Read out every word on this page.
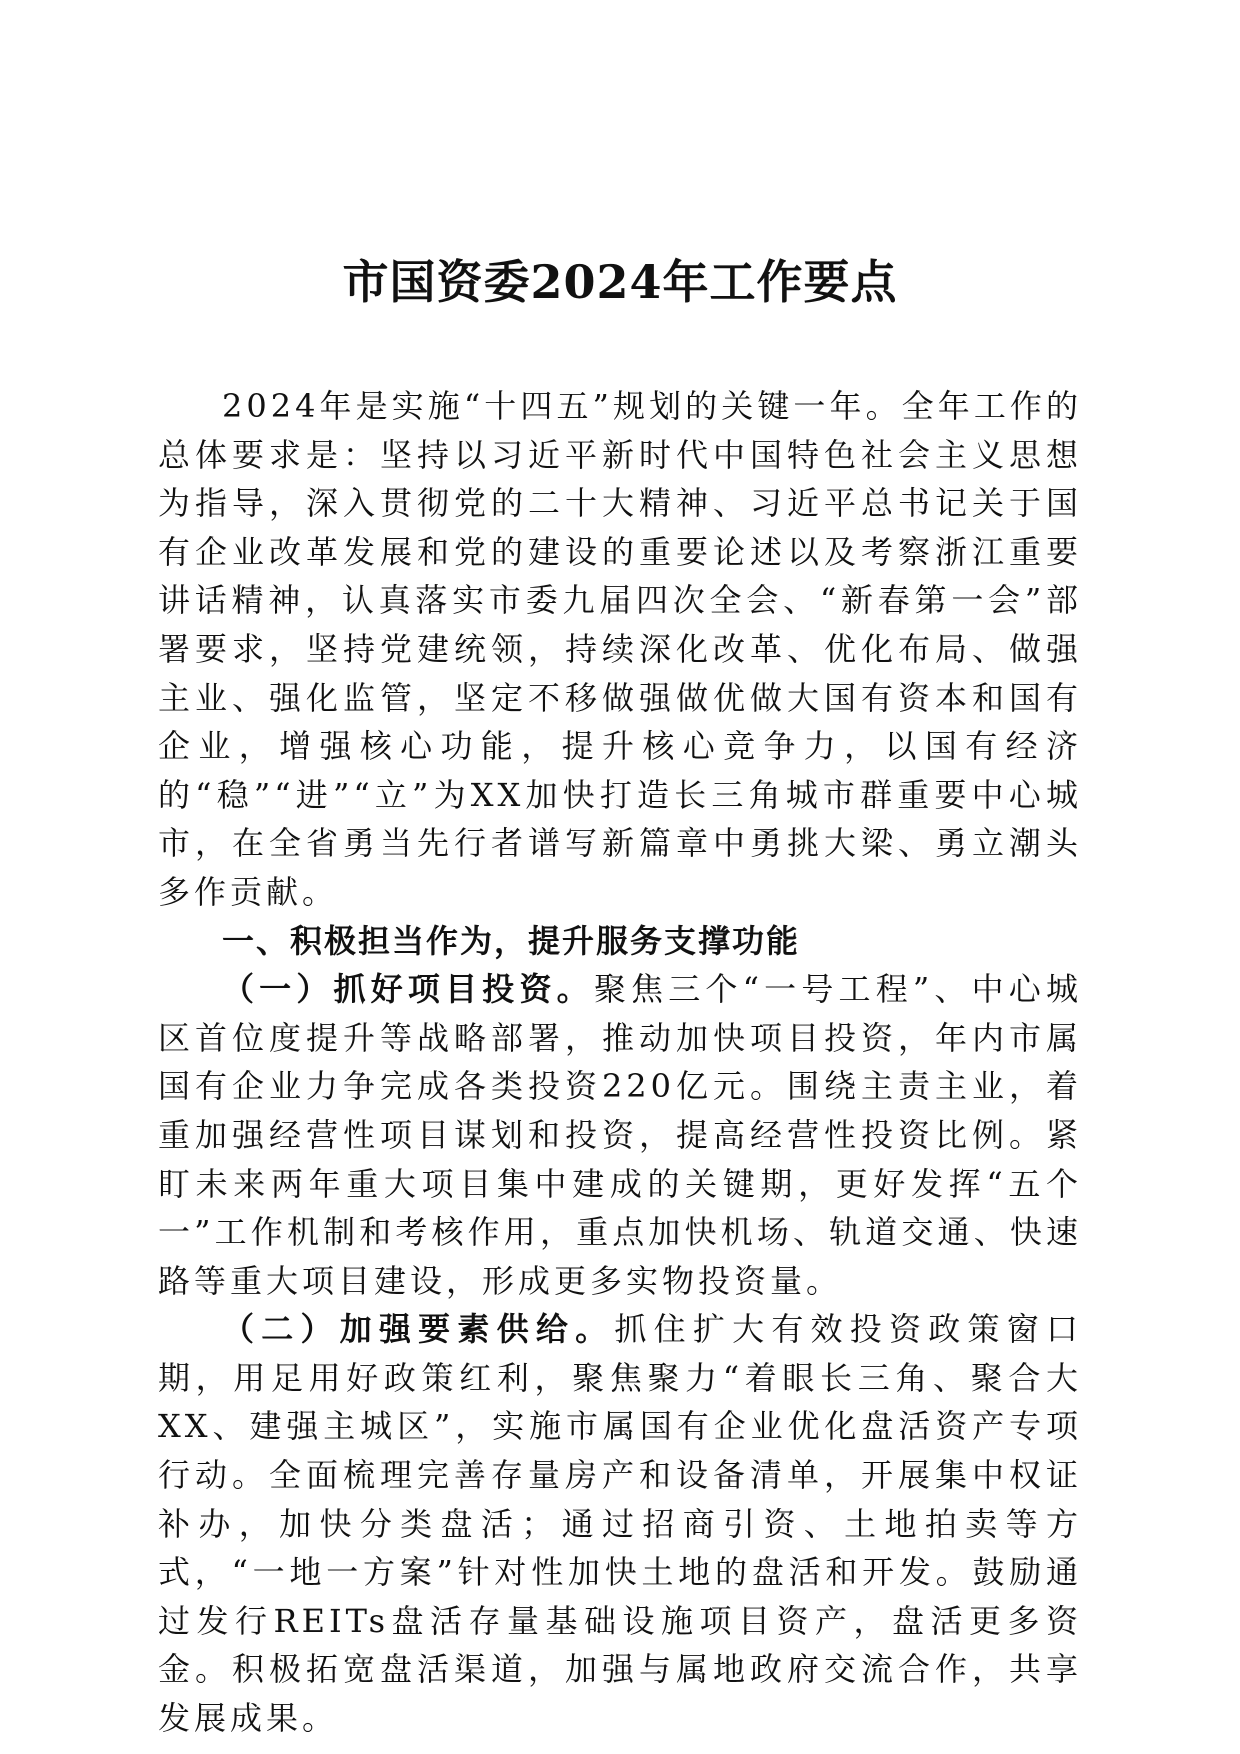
市国资委2024年工作要点

2024年是实施“十四五”规划的关键一年。全年工作的总体要求是：坚持以习近平新时代中国特色社会主义思想为指导，深入贯彻党的二十大精神、习近平总书记关于国有企业改革发展和党的建设的重要论述以及考察浙江重要讲话精神，认真落实市委九届四次全会、“新春第一会”部署要求，坚持党建统领，持续深化改革、优化布局、做强主业、强化监管，坚定不移做强做优做大国有资本和国有企业，增强核心功能，提升核心竞争力，以国有经济的“稳”“进”“立”为XX加快打造长三角城市群重要中心城市，在全省勇当先行者谱写新篇章中勇挑大梁、勇立潮头多作贡献。

一、积极担当作为，提升服务支撑功能

（一）抓好项目投资。聚焦三个“一号工程”、中心城区首位度提升等战略部署，推动加快项目投资，年内市属国有企业力争完成各类投资220亿元。围绕主责主业，着重加强经营性项目谋划和投资，提高经营性投资比例。紧盯未来两年重大项目集中建成的关键期，更好发挥“五个一”工作机制和考核作用，重点加快机场、轨道交通、快速路等重大项目建设，形成更多实物投资量。

（二）加强要素供给。抓住扩大有效投资政策窗口期，用足用好政策红利，聚焦聚力“着眼长三角、聚合大XX、建强主城区”，实施市属国有企业优化盘活资产专项行动。全面梳理完善存量房产和设备清单，开展集中权证补办，加快分类盘活；通过招商引资、土地拍卖等方式，“一地一方案”针对性加快土地的盘活和开发。鼓励通过发行REITs盘活存量基础设施项目资产，盘活更多资金。积极拓宽盘活渠道，加强与属地政府交流合作，共享发展成果。
